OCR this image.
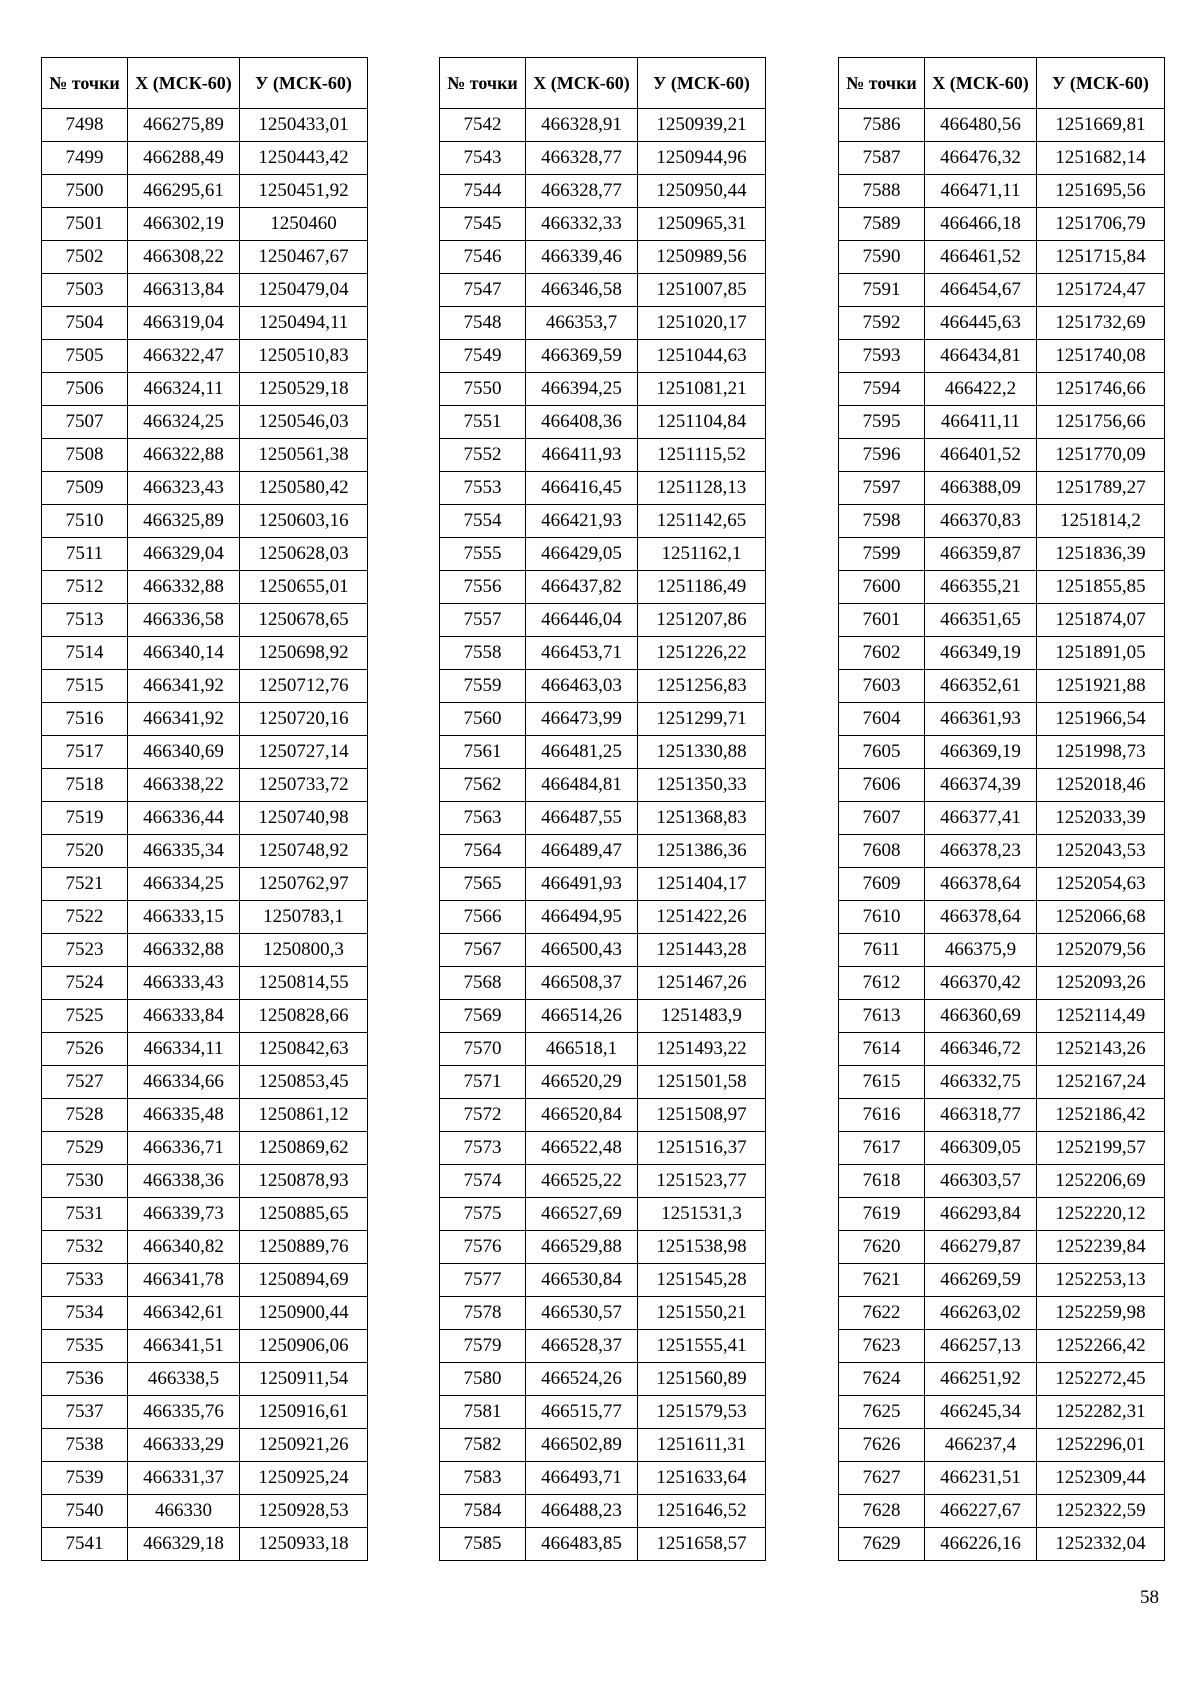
№ точки	Х (МСК-60)	У (МСК-60)
7498	466275,89	1250433,01
7499	466288,49	1250443,42
7500	466295,61	1250451,92
7501	466302,19	1250460
7502	466308,22	1250467,67
7503	466313,84	1250479,04
7504	466319,04	1250494,11
7505	466322,47	1250510,83
7506	466324,11	1250529,18
7507	466324,25	1250546,03
7508	466322,88	1250561,38
7509	466323,43	1250580,42
7510	466325,89	1250603,16
7511	466329,04	1250628,03
7512	466332,88	1250655,01
7513	466336,58	1250678,65
7514	466340,14	1250698,92
7515	466341,92	1250712,76
7516	466341,92	1250720,16
7517	466340,69	1250727,14
7518	466338,22	1250733,72
7519	466336,44	1250740,98
7520	466335,34	1250748,92
7521	466334,25	1250762,97
7522	466333,15	1250783,1
7523	466332,88	1250800,3
7524	466333,43	1250814,55
7525	466333,84	1250828,66
7526	466334,11	1250842,63
7527	466334,66	1250853,45
7528	466335,48	1250861,12
7529	466336,71	1250869,62
7530	466338,36	1250878,93
7531	466339,73	1250885,65
7532	466340,82	1250889,76
7533	466341,78	1250894,69
7534	466342,61	1250900,44
7535	466341,51	1250906,06
7536	466338,5	1250911,54
7537	466335,76	1250916,61
7538	466333,29	1250921,26
7539	466331,37	1250925,24
7540	466330	1250928,53
7541	466329,18	1250933,18
№ точки	Х (МСК-60)	У (МСК-60)
7542	466328,91	1250939,21
7543	466328,77	1250944,96
7544	466328,77	1250950,44
7545	466332,33	1250965,31
7546	466339,46	1250989,56
7547	466346,58	1251007,85
7548	466353,7	1251020,17
7549	466369,59	1251044,63
7550	466394,25	1251081,21
7551	466408,36	1251104,84
7552	466411,93	1251115,52
7553	466416,45	1251128,13
7554	466421,93	1251142,65
7555	466429,05	1251162,1
7556	466437,82	1251186,49
7557	466446,04	1251207,86
7558	466453,71	1251226,22
7559	466463,03	1251256,83
7560	466473,99	1251299,71
7561	466481,25	1251330,88
7562	466484,81	1251350,33
7563	466487,55	1251368,83
7564	466489,47	1251386,36
7565	466491,93	1251404,17
7566	466494,95	1251422,26
7567	466500,43	1251443,28
7568	466508,37	1251467,26
7569	466514,26	1251483,9
7570	466518,1	1251493,22
7571	466520,29	1251501,58
7572	466520,84	1251508,97
7573	466522,48	1251516,37
7574	466525,22	1251523,77
7575	466527,69	1251531,3
7576	466529,88	1251538,98
7577	466530,84	1251545,28
7578	466530,57	1251550,21
7579	466528,37	1251555,41
7580	466524,26	1251560,89
7581	466515,77	1251579,53
7582	466502,89	1251611,31
7583	466493,71	1251633,64
7584	466488,23	1251646,52
7585	466483,85	1251658,57
№ точки	Х (МСК-60)	У (МСК-60)
7586	466480,56	1251669,81
7587	466476,32	1251682,14
7588	466471,11	1251695,56
7589	466466,18	1251706,79
7590	466461,52	1251715,84
7591	466454,67	1251724,47
7592	466445,63	1251732,69
7593	466434,81	1251740,08
7594	466422,2	1251746,66
7595	466411,11	1251756,66
7596	466401,52	1251770,09
7597	466388,09	1251789,27
7598	466370,83	1251814,2
7599	466359,87	1251836,39
7600	466355,21	1251855,85
7601	466351,65	1251874,07
7602	466349,19	1251891,05
7603	466352,61	1251921,88
7604	466361,93	1251966,54
7605	466369,19	1251998,73
7606	466374,39	1252018,46
7607	466377,41	1252033,39
7608	466378,23	1252043,53
7609	466378,64	1252054,63
7610	466378,64	1252066,68
7611	466375,9	1252079,56
7612	466370,42	1252093,26
7613	466360,69	1252114,49
7614	466346,72	1252143,26
7615	466332,75	1252167,24
7616	466318,77	1252186,42
7617	466309,05	1252199,57
7618	466303,57	1252206,69
7619	466293,84	1252220,12
7620	466279,87	1252239,84
7621	466269,59	1252253,13
7622	466263,02	1252259,98
7623	466257,13	1252266,42
7624	466251,92	1252272,45
7625	466245,34	1252282,31
7626	466237,4	1252296,01
7627	466231,51	1252309,44
7628	466227,67	1252322,59
7629	466226,16	1252332,04
58
